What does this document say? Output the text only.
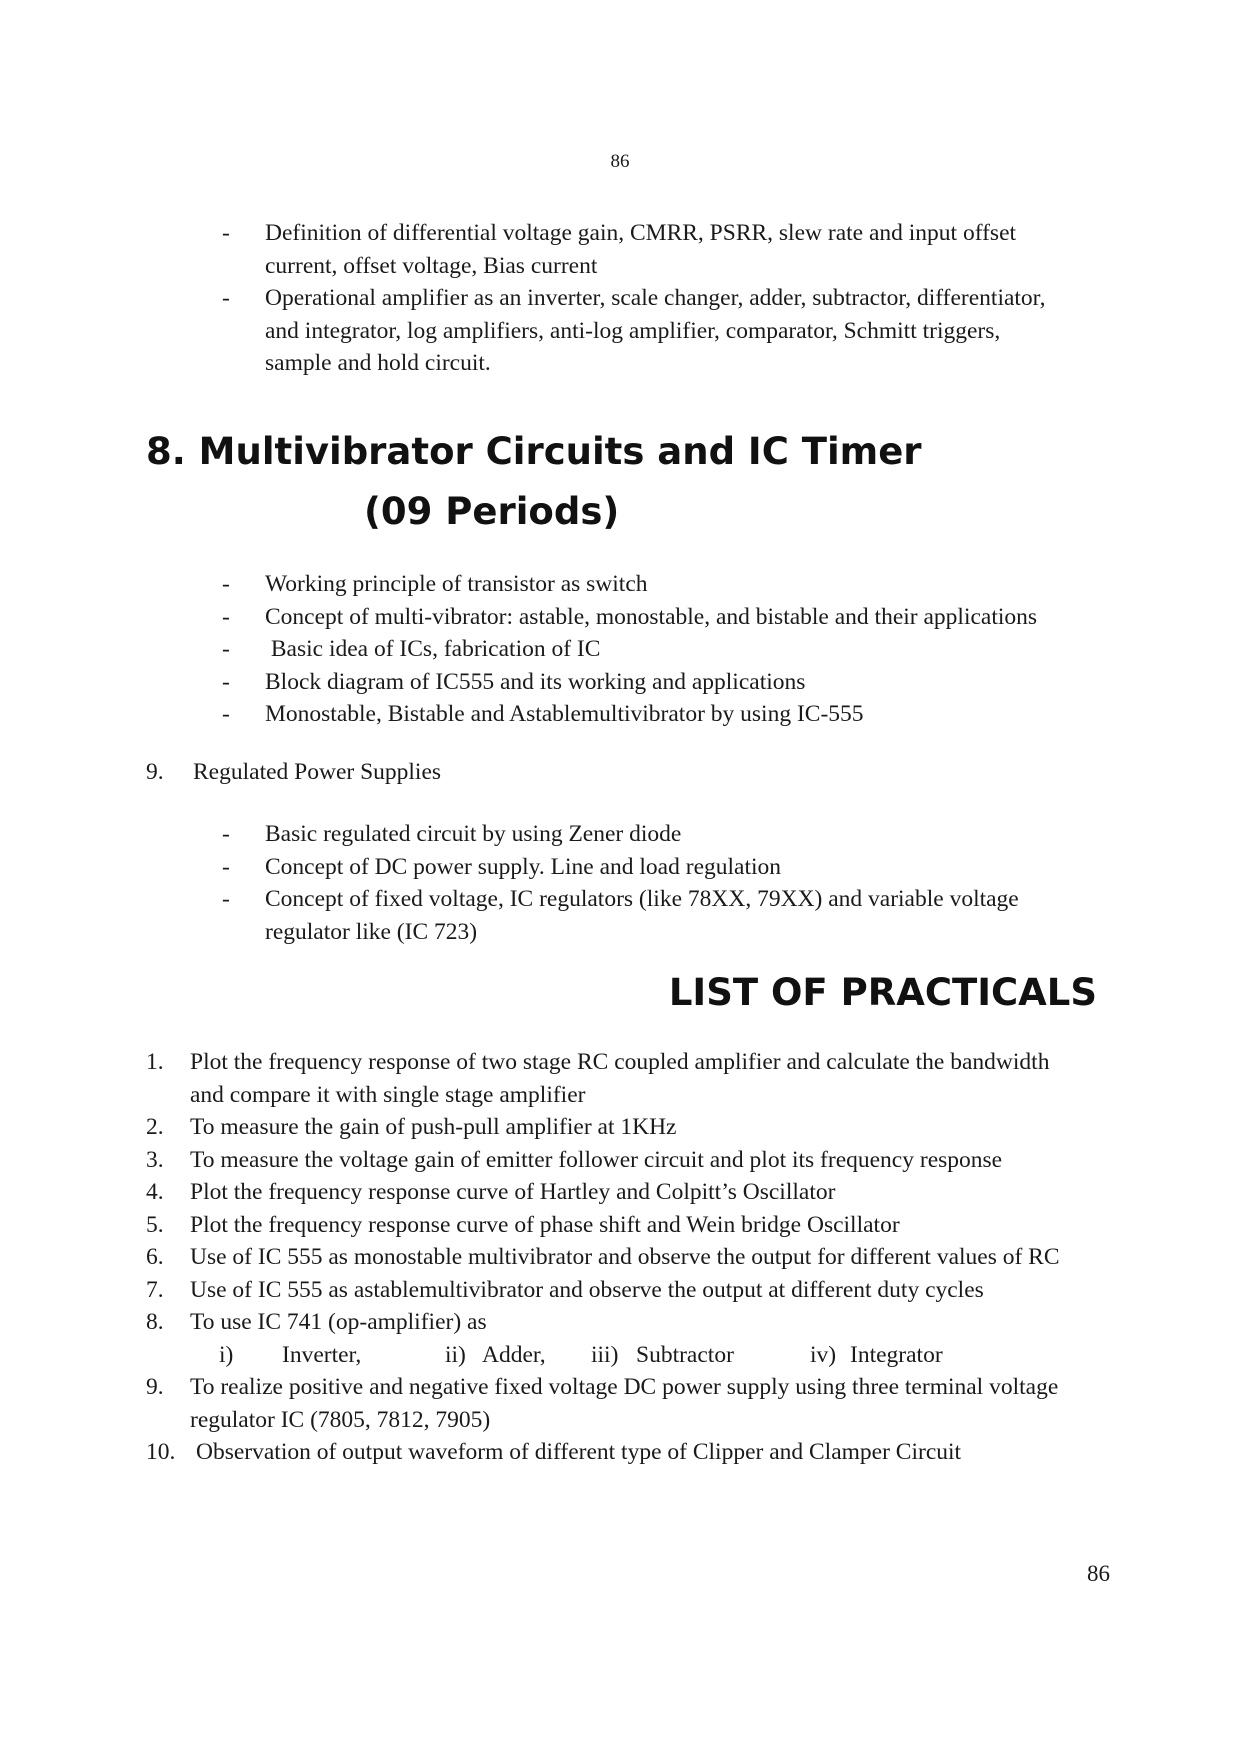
86
- Definition of differential voltage gain, CMRR, PSRR, slew rate and input offset
current, offset voltage, Bias current
- Operational amplifier as an inverter, scale changer, adder, subtractor, differentiator,
and integrator, log amplifiers, anti-log amplifier, comparator, Schmitt triggers,
sample and hold circuit.
8. Multivibrator Circuits and IC Timer
(09 Periods)
- Working principle of transistor as switch
- Concept of multi-vibrator: astable, monostable, and bistable and their applications
- Basic idea of ICs, fabrication of IC
- Block diagram of IC555 and its working and applications
- Monostable, Bistable and Astablemultivibrator by using IC-555
9. Regulated Power Supplies
- Basic regulated circuit by using Zener diode
- Concept of DC power supply. Line and load regulation
- Concept of fixed voltage, IC regulators (like 78XX, 79XX) and variable voltage
regulator like (IC 723)
LIST OF PRACTICALS
1. Plot the frequency response of two stage RC coupled amplifier and calculate the bandwidth
and compare it with single stage amplifier
2. To measure the gain of push-pull amplifier at 1KHz
3. To measure the voltage gain of emitter follower circuit and plot its frequency response
4. Plot the frequency response curve of Hartley and Colpitt’s Oscillator
5. Plot the frequency response curve of phase shift and Wein bridge Oscillator
6. Use of IC 555 as monostable multivibrator and observe the output for different values of RC
7. Use of IC 555 as astablemultivibrator and observe the output at different duty cycles
8. To use IC 741 (op-amplifier) as
i) Inverter,	ii) Adder, iii) Subtractor	iv) Integrator
9. To realize positive and negative fixed voltage DC power supply using three terminal voltage
regulator IC (7805, 7812, 7905)
10. Observation of output waveform of different type of Clipper and Clamper Circuit
86
